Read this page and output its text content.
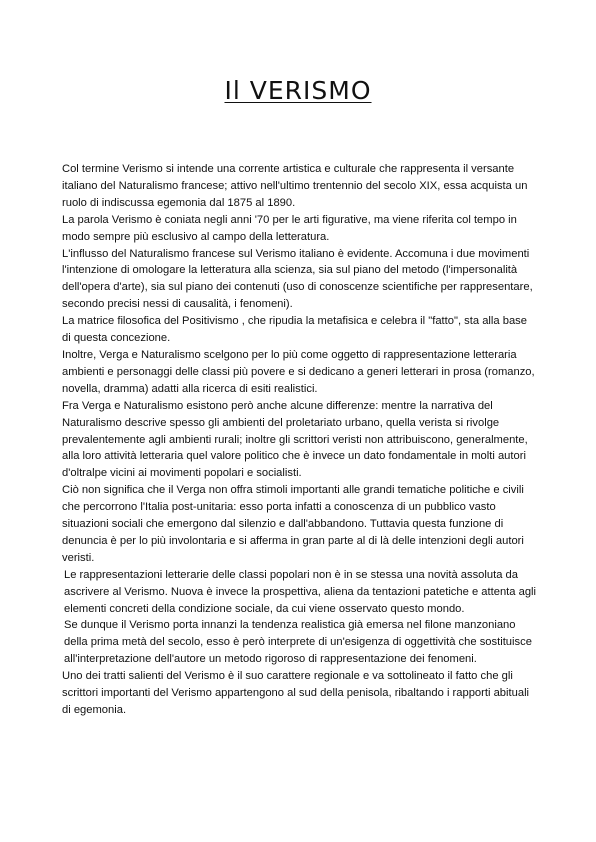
Il VERISMO

Col termine Verismo si intende una corrente artistica e culturale che rappresenta il versante italiano del Naturalismo francese; attivo nell'ultimo trentennio del secolo XIX, essa acquista un ruolo di indiscussa egemonia dal 1875 al 1890.

La parola Verismo è coniata negli anni '70 per le arti figurative, ma viene riferita col tempo in modo sempre più esclusivo al campo della letteratura.

L'influsso del Naturalismo francese sul Verismo italiano è evidente. Accomuna i due movimenti l'intenzione di omologare la letteratura alla scienza, sia sul piano del metodo (l'impersonalità dell'opera d'arte), sia sul piano dei contenuti (uso di conoscenze scientifiche per rappresentare, secondo precisi nessi di causalità, i fenomeni).

La matrice filosofica del Positivismo , che ripudia la metafisica e celebra il "fatto", sta alla base di questa concezione.

Inoltre, Verga e Naturalismo scelgono per lo più come oggetto di rappresentazione letteraria ambienti e personaggi delle classi più povere e si dedicano a generi letterari in prosa (romanzo, novella, dramma) adatti alla ricerca di esiti realistici.

Fra Verga e Naturalismo esistono però anche alcune differenze: mentre la narrativa del Naturalismo descrive spesso gli ambienti del proletariato urbano, quella verista si rivolge prevalentemente agli ambienti rurali; inoltre gli scrittori veristi non attribuiscono, generalmente, alla loro attività letteraria quel valore politico che è invece un dato fondamentale in molti autori d'oltralpe vicini ai movimenti popolari e socialisti.

Ciò non significa che il Verga non offra stimoli importanti alle grandi tematiche politiche e civili che percorrono l'Italia post-unitaria: esso porta infatti a conoscenza di un pubblico vasto situazioni sociali che emergono dal silenzio e dall'abbandono. Tuttavia questa funzione di denuncia è per lo più involontaria e si afferma in gran parte al di là delle intenzioni degli autori veristi.

Le rappresentazioni letterarie delle classi popolari non è in se stessa una novità assoluta da ascrivere al Verismo. Nuova è invece la prospettiva, aliena da tentazioni patetiche e attenta agli elementi concreti della condizione sociale, da cui viene osservato questo mondo.

Se dunque il Verismo porta innanzi la tendenza realistica già emersa nel filone manzoniano della prima metà del secolo, esso è però interprete di un'esigenza di oggettività che sostituisce all'interpretazione dell'autore un metodo rigoroso di rappresentazione dei fenomeni.

Uno dei tratti salienti del Verismo è il suo carattere regionale e va sottolineato il fatto che gli scrittori importanti del Verismo appartengono al sud della penisola, ribaltando i rapporti abituali di egemonia.
